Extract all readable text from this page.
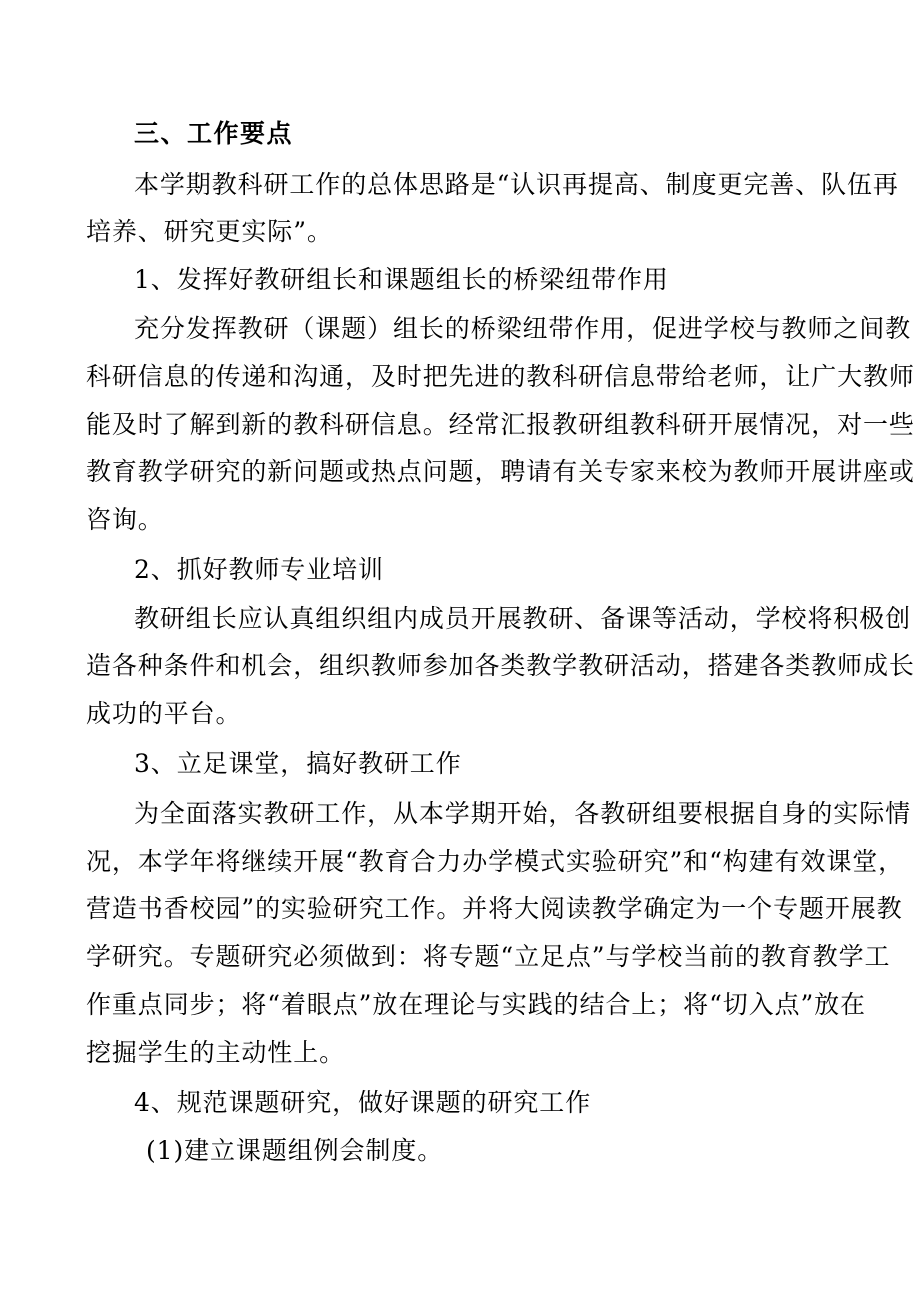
三、工作要点
本学期教科研工作的总体思路是“认识再提高、制度更完善、队伍再
培养、研究更实际”。
1、发挥好教研组长和课题组长的桥梁纽带作用
充分发挥教研（课题）组长的桥梁纽带作用，促进学校与教师之间教
科研信息的传递和沟通，及时把先进的教科研信息带给老师，让广大教师
能及时了解到新的教科研信息。经常汇报教研组教科研开展情况，对一些
教育教学研究的新问题或热点问题，聘请有关专家来校为教师开展讲座或
咨询。
2、抓好教师专业培训
教研组长应认真组织组内成员开展教研、备课等活动，学校将积极创
造各种条件和机会，组织教师参加各类教学教研活动，搭建各类教师成长
成功的平台。
3、立足课堂，搞好教研工作
为全面落实教研工作，从本学期开始，各教研组要根据自身的实际情
况，本学年将继续开展“教育合力办学模式实验研究”和“构建有效课堂，
营造书香校园”的实验研究工作。并将大阅读教学确定为一个专题开展教
学研究。专题研究必须做到：将专题“立足点”与学校当前的教育教学工
作重点同步；将“着眼点”放在理论与实践的结合上；将“切入点”放在
挖掘学生的主动性上。
4、规范课题研究，做好课题的研究工作
(1)建立课题组例会制度。
